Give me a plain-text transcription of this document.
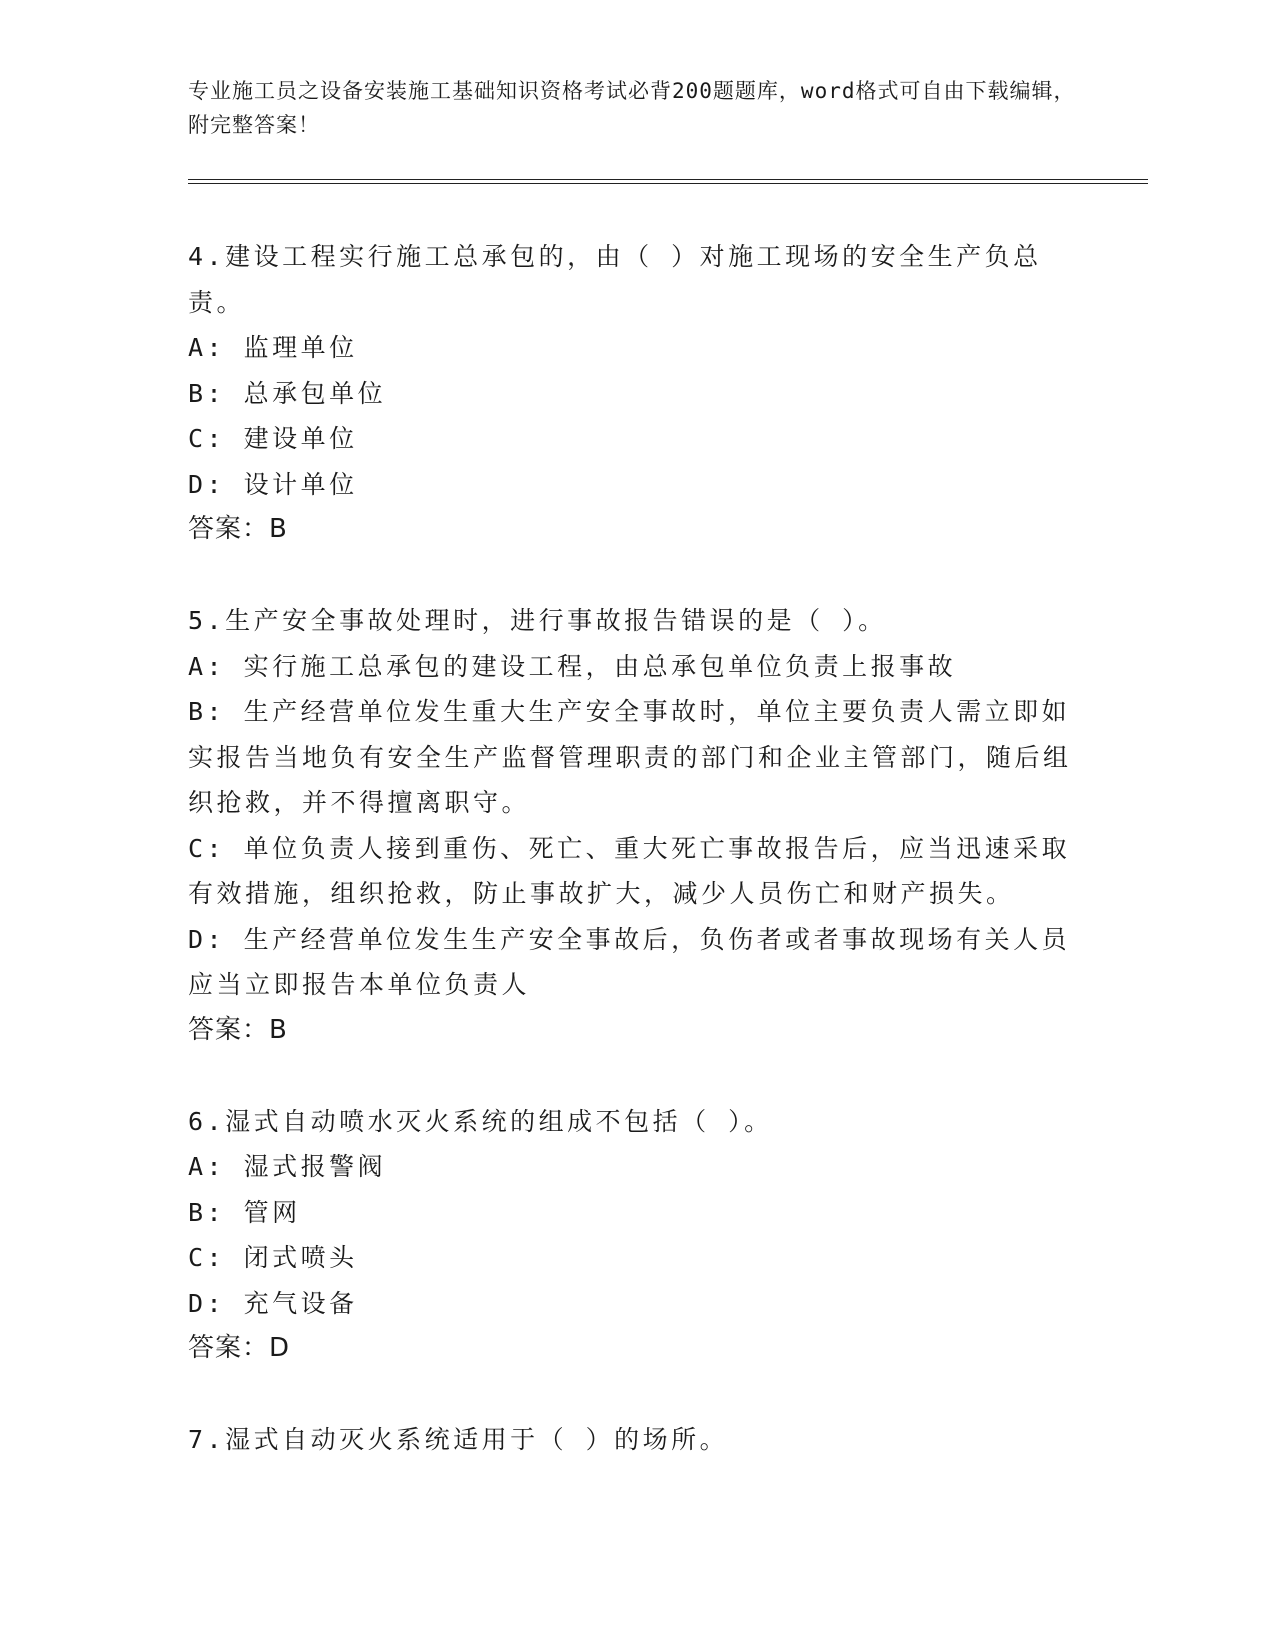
专业施工员之设备安装施工基础知识资格考试必背200题题库，word格式可自由下载编辑，附完整答案！
4.建设工程实行施工总承包的，由（ ）对施工现场的安全生产负总责。
A: 监理单位
B: 总承包单位
C: 建设单位
D: 设计单位
答案：B
5.生产安全事故处理时，进行事故报告错误的是（ ）。
A: 实行施工总承包的建设工程，由总承包单位负责上报事故
B: 生产经营单位发生重大生产安全事故时，单位主要负责人需立即如实报告当地负有安全生产监督管理职责的部门和企业主管部门，随后组织抢救，并不得擅离职守。
C: 单位负责人接到重伤、死亡、重大死亡事故报告后，应当迅速采取有效措施，组织抢救，防止事故扩大，减少人员伤亡和财产损失。
D: 生产经营单位发生生产安全事故后，负伤者或者事故现场有关人员应当立即报告本单位负责人
答案：B
6.湿式自动喷水灭火系统的组成不包括（ ）。
A: 湿式报警阀
B: 管网
C: 闭式喷头
D: 充气设备
答案：D
7.湿式自动灭火系统适用于（ ）的场所。
